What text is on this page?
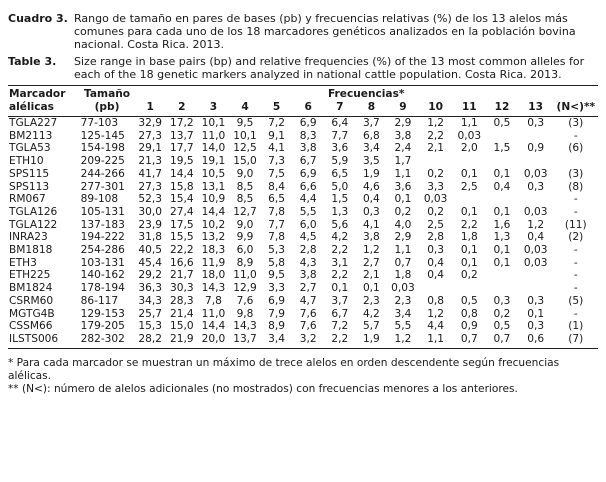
Cuadro 3. Rango de tamaño en pares de bases (pb) y frecuencias relativas (%) de los 13 alelos más comunes para cada uno de los 18 marcadores genéticos analizados en la población bovina nacional. Costa Rica. 2013.
Table 3.	Size range in base pairs (bp) and relative frequencies (%) of the 13 most common alleles for each of the 18 genetic markers analyzed in national cattle population. Costa Rica. 2013.
Marcador	Tamaño	Frecuencias*													
alélicas	(pb)	1	2	3	4	5	6	7	8	9	10	11	12	13	(N<)**
TGLA227	77-103	32,9	17,2	10,1	9,5	7,2	6,9	6,4	3,7	2,9	1,2	1,1	0,5	0,3	(3)
BM2113	125-145	27,3	13,7	11,0	10,1	9,1	8,3	7,7	6,8	3,8	2,2	0,03			-
TGLA53	154-198	29,1	17,7	14,0	12,5	4,1	3,8	3,6	3,4	2,4	2,1	2,0	1,5	0,9	(6)
ETH10	209-225	21,3	19,5	19,1	15,0	7,3	6,7	5,9	3,5	1,7					
SPS115	244-266	41,7	14,4	10,5	9,0	7,5	6,9	6,5	1,9	1,1	0,2	0,1	0,1	0,03	(3)
SPS113	277-301	27,3	15,8	13,1	8,5	8,4	6,6	5,0	4,6	3,6	3,3	2,5	0,4	0,3	(8)
RM067	89-108	52,3	15,4	10,9	8,5	6,5	4,4	1,5	0,4	0,1	0,03				-
TGLA126	105-131	30,0	27,4	14,4	12,7	7,8	5,5	1,3	0,3	0,2	0,2	0,1	0,1	0,03	-
TGLA122	137-183	23,9	17,5	10,2	9,0	7,7	6,0	5,6	4,1	4,0	2,5	2,2	1,6	1,2	(11)
INRA23	194-222	31,8	15,5	13,2	9,9	7,8	4,5	4,2	3,8	2,9	2,8	1,8	1,3	0,4	(2)
BM1818	254-286	40,5	22,2	18,3	6,0	5,3	2,8	2,2	1,2	1,1	0,3	0,1	0,1	0,03	-
ETH3	103-131	45,4	16,6	11,9	8,9	5,8	4,3	3,1	2,7	0,7	0,4	0,1	0,1	0,03	-
ETH225	140-162	29,2	21,7	18,0	11,0	9,5	3,8	2,2	2,1	1,8	0,4	0,2			-
BM1824	178-194	36,3	30,3	14,3	12,9	3,3	2,7	0,1	0,1	0,03					-
CSRM60	86-117	34,3	28,3	7,8	7,6	6,9	4,7	3,7	2,3	2,3	0,8	0,5	0,3	0,3	(5)
MGTG4B	129-153	25,7	21,4	11,0	9,8	7,9	7,6	6,7	4,2	3,4	1,2	0,8	0,2	0,1	-
CSSM66	179-205	15,3	15,0	14,4	14,3	8,9	7,6	7,2	5,7	5,5	4,4	0,9	0,5	0,3	(1)
ILSTS006	282-302	28,2	21,9	20,0	13,7	3,4	3,2	2,2	1,9	1,2	1,1	0,7	0,7	0,6	(7)

* Para cada marcador se muestran un máximo de trece alelos en orden descendente según frecuencias alélicas.

** (N<): número de alelos adicionales (no mostrados) con frecuencias menores a los anteriores.
